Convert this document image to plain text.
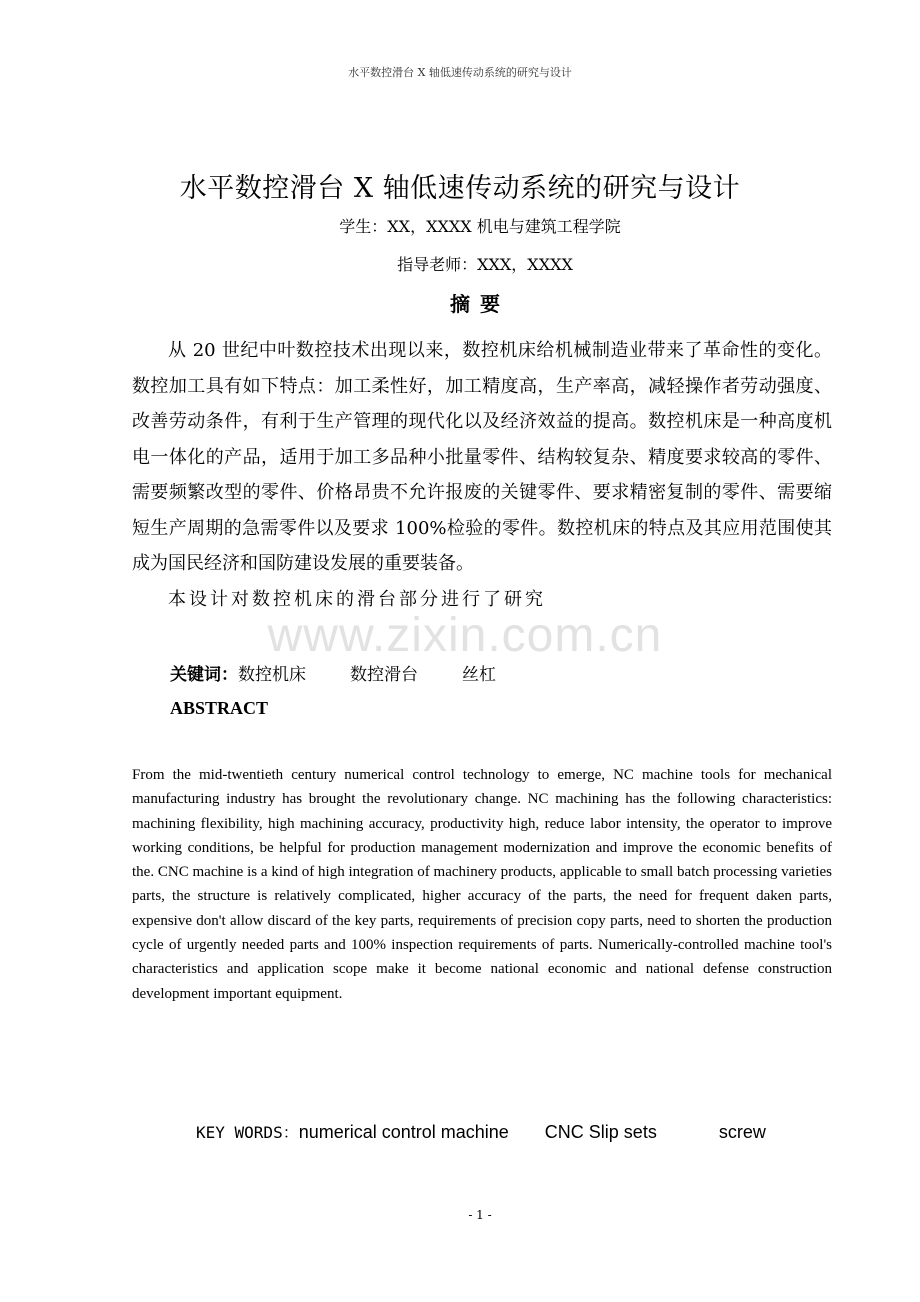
水平数控滑台 X 轴低速传动系统的研究与设计
水平数控滑台 X 轴低速传动系统的研究与设计
学生：XX，XXXX 机电与建筑工程学院
指导老师：XXX，XXXX
摘要

从 20 世纪中叶数控技术出现以来，数控机床给机械制造业带来了革命性的变化。数控加工具有如下特点：加工柔性好，加工精度高，生产率高，减轻操作者劳动强度、改善劳动条件，有利于生产管理的现代化以及经济效益的提高。数控机床是一种高度机电一体化的产品，适用于加工多品种小批量零件、结构较复杂、精度要求较高的零件、需要频繁改型的零件、价格昂贵不允许报废的关键零件、要求精密复制的零件、需要缩短生产周期的急需零件以及要求 100%检验的零件。数控机床的特点及其应用范围使其成为国民经济和国防建设发展的重要装备。

本设计对数控机床的滑台部分进行了研究

www.zixin.com.cn
关键词：数控机床	数控滑台	丝杠
ABSTRACT
From the mid-twentieth century numerical control technology to emerge, NC machine tools for mechanical manufacturing industry has brought the revolutionary change. NC machining has the following characteristics: machining flexibility, high machining accuracy, productivity high, reduce labor intensity, the operator to improve working conditions, be helpful for production management modernization and improve the economic benefits of the. CNC machine is a kind of high integration of machinery products, applicable to small batch processing varieties parts, the structure is relatively complicated, higher accuracy of the parts, the need for frequent daken parts, expensive don't allow discard of the key parts, requirements of precision copy parts, need to shorten the production cycle of urgently needed parts and 100% inspection requirements of parts. Numerically-controlled machine tool's characteristics and application scope make it become national economic and national defense construction development important equipment.
KEY WORDS：numerical control machine CNC Slip sets	screw
- 1 -
